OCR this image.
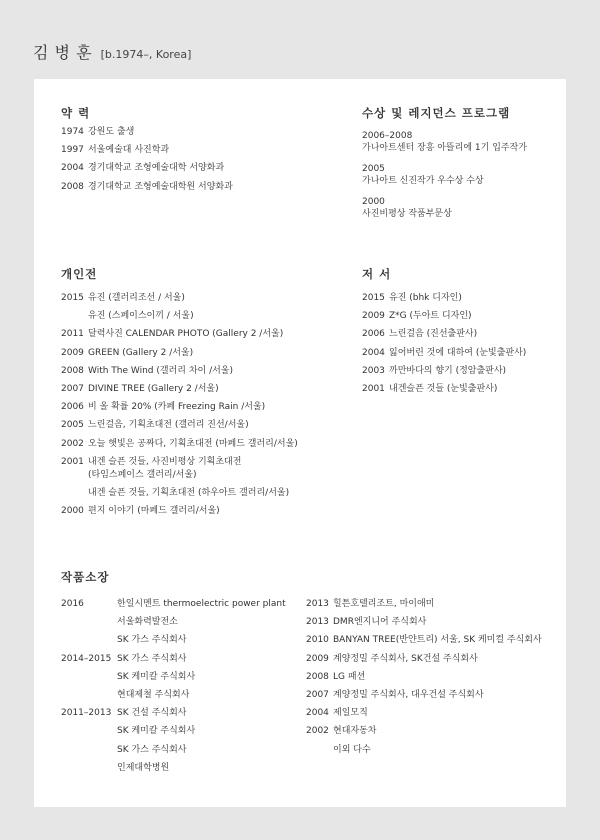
김 병 훈 [b.1974–, Korea]
약 력
1974 강원도 출생
1997 서울예술대 사진학과
2004 경기대학교 조형예술대학 서양화과
2008 경기대학교 조형예술대학원 서양화과
수상 및 레지던스 프로그램
2006–2008
가나아트센터 장흥 아뜰리에 1기 입주작가
2005
가나아트 신진작가 우수상 수상
2000
사진비평상 작품부문상
개인전
2015 유진 (갤러리조선 / 서울)
유진 (스페이스이끼 / 서울)
2011 달력사진 CALENDAR PHOTO (Gallery 2 /서울)
2009 GREEN (Gallery 2 /서울)
2008 With The Wind (갤러리 차이 /서울)
2007 DIVINE TREE (Gallery 2 /서울)
2006 비 올 확률 20% (카페 Freezing Rain /서울)
2005 느린걸음, 기획초대전 (갤러리 진선/서울)
2002 오늘 햇빛은 공짜다, 기획초대전 (마페드 갤러리/서울)
2001 내겐 슬픈 것들, 사진비평상 기획초대전
(타임스페이스 갤러리/서울)
내겐 슬픈 것들, 기획초대전 (하우아트 갤러리/서울)
2000 편지 이야기 (마페드 갤러리/서울)
저 서
2015 유진 (bhk 디자인)
2009 Z*G (두아트 디자인)
2006 느린걸음 (진선출판사)
2004 잃어버린 것에 대하여 (눈빛출판사)
2003 까만바다의 향기 (정암출판사)
2001 내겐슬픈 것들 (눈빛출판사)
작품소장
2016	한일시멘트 thermoelectric power plant
서울화력발전소
SK 가스 주식회사
2014–2015 SK 가스 주식회사
SK 케미칼 주식회사
현대제철 주식회사
2011–2013 SK 건설 주식회사
SK 케미칼 주식회사
SK 가스 주식회사
인제대학병원
2013 힐튼호텔리조트, 마이애미
2013 DMR엔지니어 주식회사
2010 BANYAN TREE(반얀트리) 서울, SK 케미컬 주식회사
2009 계양정밀 주식회사, SK건설 주식회사
2008 LG 패션
2007 계양정밀 주식회사, 대우건설 주식회사
2004 제일모직
2002 현대자동차
이외 다수
